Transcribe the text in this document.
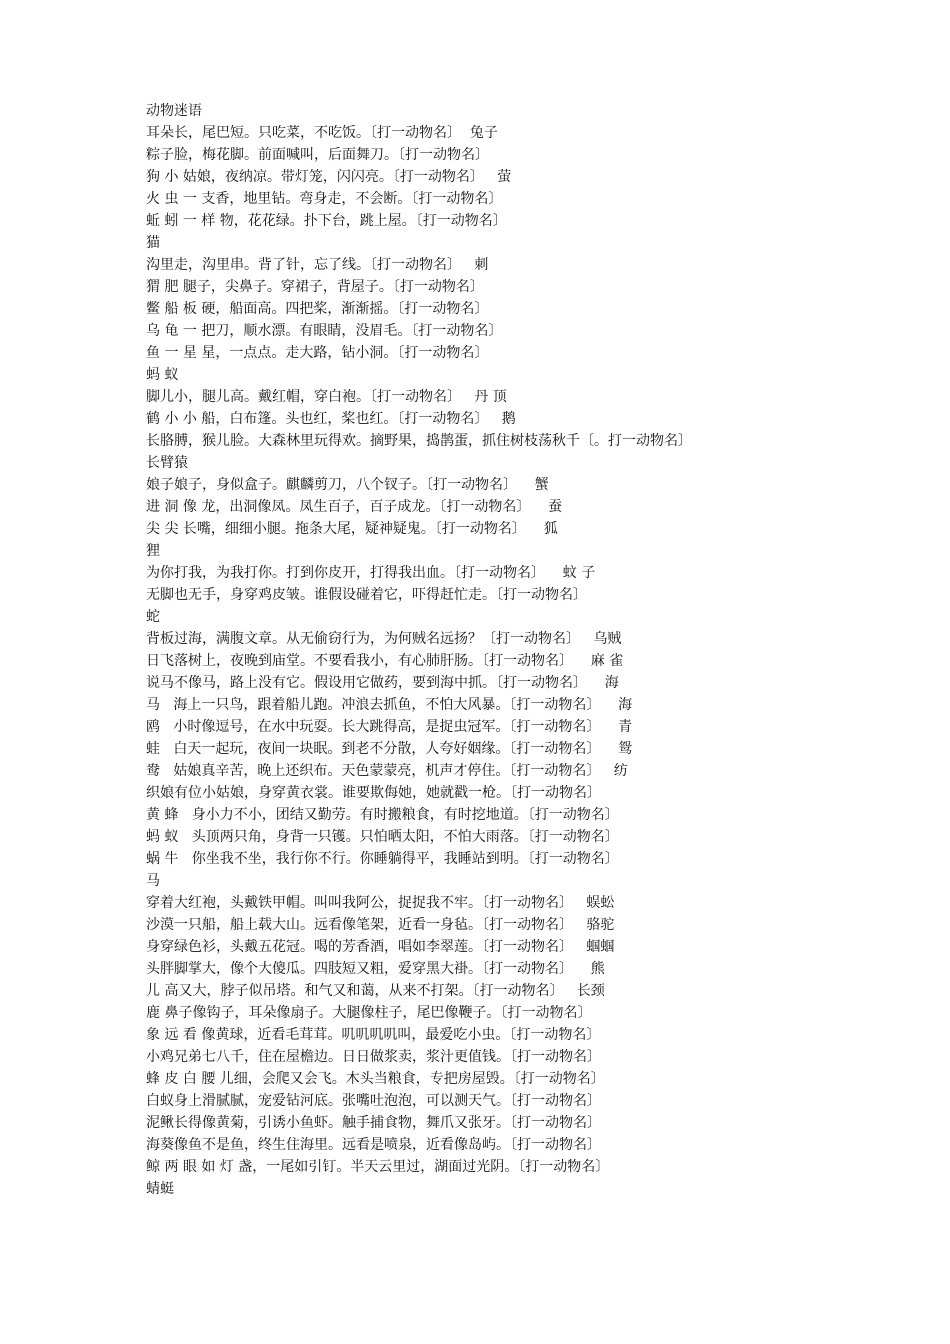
动物迷语

耳朵长，尾巴短。只吃菜，不吃饭。〔打一动物名〕  兔子

粽子脸，梅花脚。前面喊叫，后面舞刀。〔打一动物名〕

狗 小 姑娘，夜纳凉。带灯笼，闪闪亮。〔打一动物名〕   萤

火 虫 一 支香，地里钻。弯身走，不会断。〔打一动物名〕

蚯 蚓 一 样 物，花花绿。扑下台，跳上屋。〔打一动物名〕

猫

沟里走，沟里串。背了针，忘了线。〔打一动物名〕   刺

猬 肥 腿子，尖鼻子。穿裙子，背屋子。〔打一动物名〕

鳖 船 板 硬，船面高。四把桨，渐渐摇。〔打一动物名〕

乌 龟 一 把刀，顺水漂。有眼睛，没眉毛。〔打一动物名〕

鱼 一 星 星，一点点。走大路，钻小洞。〔打一动物名〕

蚂 蚁

脚儿小，腿儿高。戴红帽，穿白袍。〔打一动物名〕   丹 顶

鹤 小 小 船，白布篷。头也红，桨也红。〔打一动物名〕   鹅

长胳膊，猴儿脸。大森林里玩得欢。摘野果，捣鹊蛋，抓住树枝荡秋千〔。打一动物名〕

长臂猿

娘子娘子，身似盒子。麒麟剪刀，八个钗子。〔打一动物名〕    蟹

进 洞 像 龙，出洞像凤。凤生百子，百子成龙。〔打一动物名〕    蚕

尖 尖 长嘴，细细小腿。拖条大尾，疑神疑鬼。〔打一动物名〕    狐

狸

为你打我，为我打你。打到你皮开，打得我出血。〔打一动物名〕    蚊 子

无脚也无手，身穿鸡皮皱。谁假设碰着它，吓得赶忙走。〔打一动物名〕

蛇

背板过海，满腹文章。从无偷窃行为，为何贼名远扬？〔打一动物名〕   乌贼

日飞落树上，夜晚到庙堂。不要看我小，有心肺肝肠。〔打一动物名〕    麻 雀

说马不像马，路上没有它。假设用它做药，要到海中抓。〔打一动物名〕    海

马   海上一只鸟，跟着船儿跑。冲浪去抓鱼，不怕大风暴。〔打一动物名〕    海

鸥   小时像逗号，在水中玩耍。长大跳得高，是捉虫冠军。〔打一动物名〕    青

蛙   白天一起玩，夜间一块眠。到老不分散，人夸好姻缘。〔打一动物名〕    鸳

鸯   姑娘真辛苦，晚上还织布。天色蒙蒙亮，机声才停住。〔打一动物名〕   纺

织娘有位小姑娘，身穿黄衣裳。谁要欺侮她，她就戳一枪。〔打一动物名〕

黄 蜂   身小力不小，团结又勤劳。有时搬粮食，有时挖地道。〔打一动物名〕

蚂 蚁   头顶两只角，身背一只镬。只怕晒太阳，不怕大雨落。〔打一动物名〕

蜗 牛   你坐我不坐，我行你不行。你睡躺得平，我睡站到明。〔打一动物名〕

马

穿着大红袍，头戴铁甲帽。叫叫我阿公，捉捉我不牢。〔打一动物名〕   蜈蚣

沙漠一只船，船上载大山。远看像笔架，近看一身毡。〔打一动物名〕   骆驼

身穿绿色衫，头戴五花冠。喝的芳香酒，唱如李翠莲。〔打一动物名〕   蝈蝈

头胖脚掌大，像个大傻瓜。四肢短又粗，爱穿黑大褂。〔打一动物名〕    熊

儿 高又大，脖子似吊塔。和气又和蔼，从来不打架。〔打一动物名〕   长颈

鹿 鼻子像钩子，耳朵像扇子。大腿像柱子，尾巴像鞭子。〔打一动物名〕

象 远 看 像黄球，近看毛茸茸。叽叽叽叽叫，最爱吃小虫。〔打一动物名〕

小鸡兄弟七八千，住在屋檐边。日日做浆卖，浆汁更值钱。〔打一动物名〕

蜂 皮 白 腰 儿细，会爬又会飞。木头当粮食，专把房屋毁。〔打一动物名〕

白蚁身上滑腻腻，宠爱钻河底。张嘴吐泡泡，可以测天气。〔打一动物名〕

泥鳅长得像黄菊，引诱小鱼虾。触手捕食物，舞爪又张牙。〔打一动物名〕

海葵像鱼不是鱼，终生住海里。远看是喷泉，近看像岛屿。〔打一动物名〕

鲸 两 眼 如 灯 盏，一尾如引钉。半天云里过，湖面过光阴。〔打一动物名〕

蜻蜓
